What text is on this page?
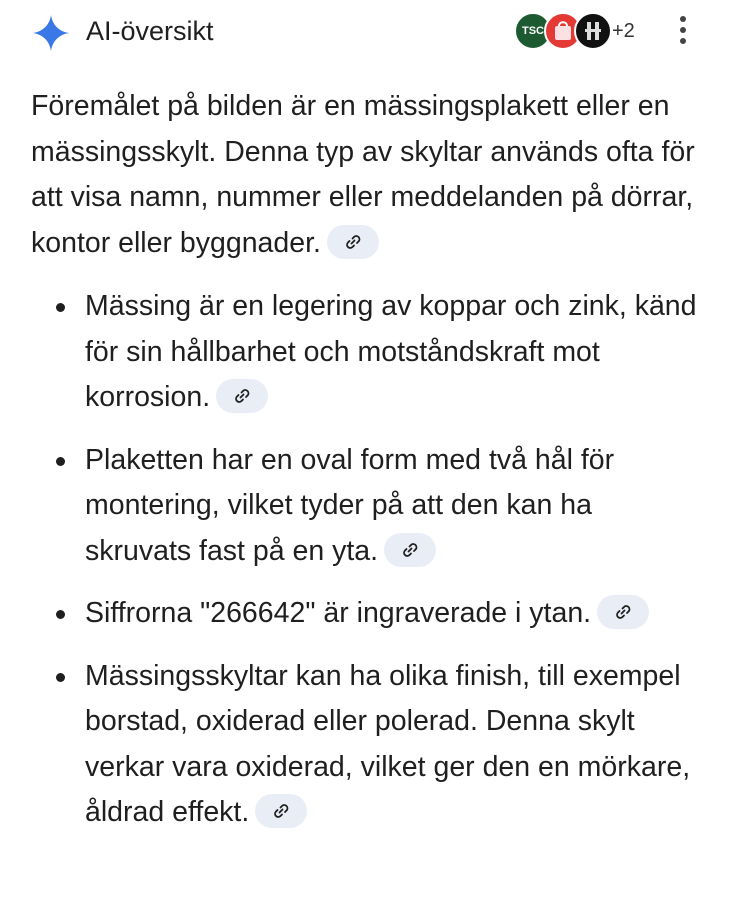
AI-översikt	TSC	+2

Föremålet på bilden är en mässingsplakett eller en mässingsskylt. Denna typ av skyltar används ofta för att visa namn, nummer eller meddelanden på dörrar, kontor eller byggnader.

Mässing är en legering av koppar och zink, känd för sin hållbarhet och motståndskraft mot korrosion.
Plaketten har en oval form med två hål för montering, vilket tyder på att den kan ha skruvats fast på en yta.
Siffrorna "266642" är ingraverade i ytan.
Mässingsskyltar kan ha olika finish, till exempel borstad, oxiderad eller polerad. Denna skylt verkar vara oxiderad, vilket ger den en mörkare, åldrad effekt.
